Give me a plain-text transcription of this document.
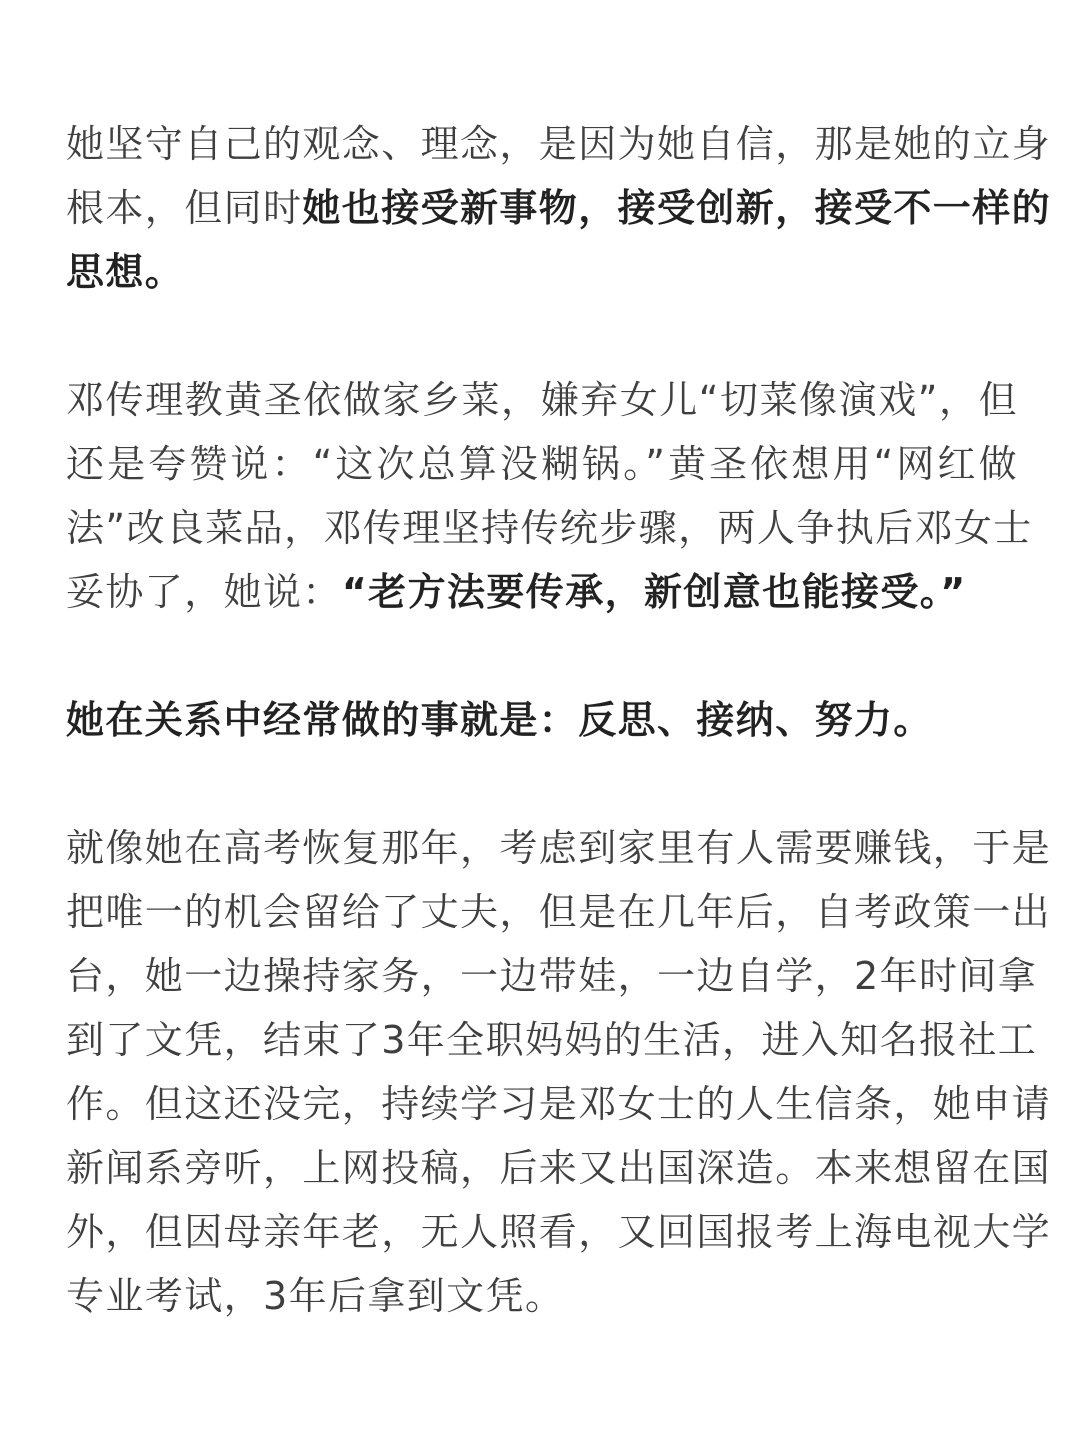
她坚守自己的观念、理念，是因为她自信，那是她的立身
根本，但同时她也接受新事物，接受创新，接受不一样的
思想。

邓传理教黄圣依做家乡菜，嫌弃女儿“切菜像演戏”，但
还是夸赞说：“这次总算没糊锅。”黄圣依想用“网红做
法”改良菜品，邓传理坚持传统步骤，两人争执后邓女士
妥协了，她说：“老方法要传承，新创意也能接受。”

她在关系中经常做的事就是：反思、接纳、努力。

就像她在高考恢复那年，考虑到家里有人需要赚钱，于是
把唯一的机会留给了丈夫，但是在几年后，自考政策一出
台，她一边操持家务，一边带娃，一边自学，2年时间拿
到了文凭，结束了3年全职妈妈的生活，进入知名报社工
作。但这还没完，持续学习是邓女士的人生信条，她申请
新闻系旁听，上网投稿，后来又出国深造。本来想留在国
外，但因母亲年老，无人照看，又回国报考上海电视大学
专业考试，3年后拿到文凭。
